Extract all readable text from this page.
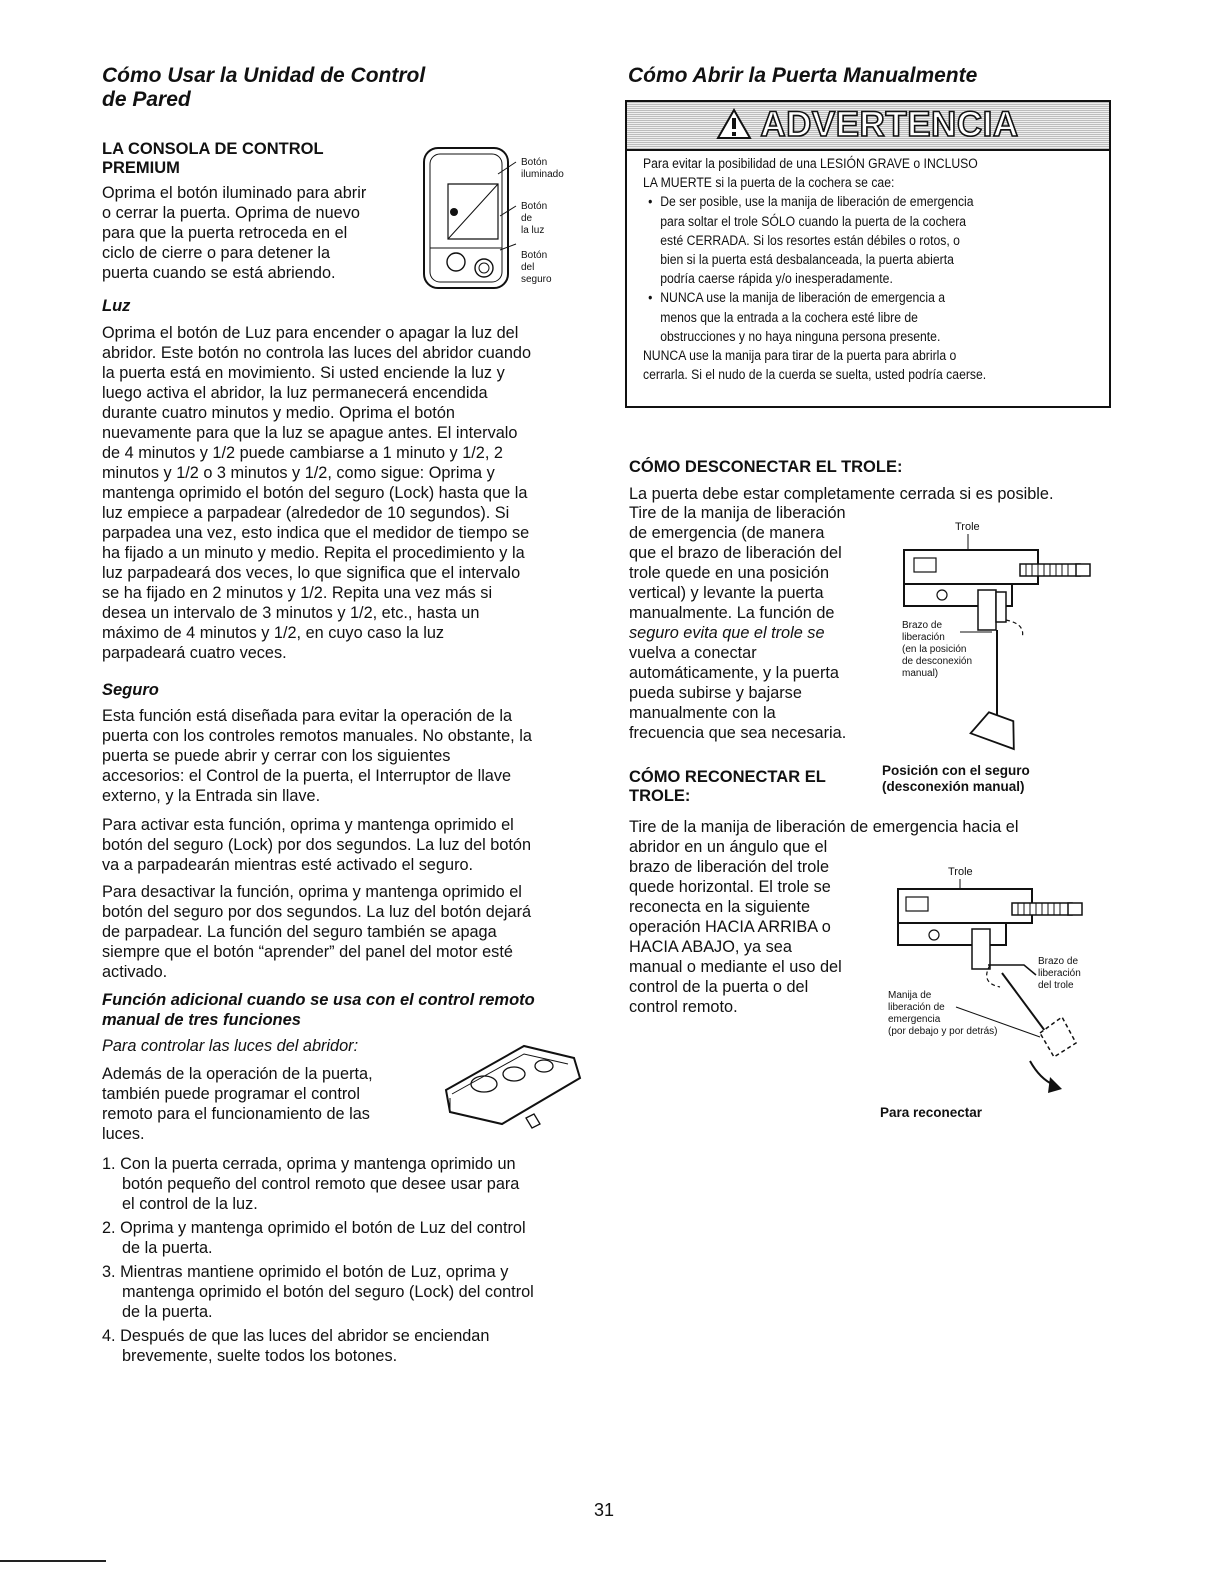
Cómo Usar la Unidad de Control
de Pared
LA CONSOLA DE CONTROL
PREMIUM
Oprima el botón iluminado para abrir
o cerrar la puerta. Oprima de nuevo
para que la puerta retroceda en el
ciclo de cierre o para detener la
puerta cuando se está abriendo.
Botón
iluminado
Botón
de
la luz
Botón
del
seguro
Luz
Oprima el botón de Luz para encender o apagar la luz del
abridor. Este botón no controla las luces del abridor cuando
la puerta está en movimiento. Si usted enciende la luz y
luego activa el abridor, la luz permanecerá encendida
durante cuatro minutos y medio. Oprima el botón
nuevamente para que la luz se apague antes. El intervalo
de 4 minutos y 1/2 puede cambiarse a 1 minuto y 1/2, 2
minutos y 1/2 o 3 minutos y 1/2, como sigue: Oprima y
mantenga oprimido el botón del seguro (Lock) hasta que la
luz empiece a parpadear (alrededor de 10 segundos). Si
parpadea una vez, esto indica que el medidor de tiempo se
ha fijado a un minuto y medio. Repita el procedimiento y la
luz parpadeará dos veces, lo que significa que el intervalo
se ha fijado en 2 minutos y 1/2. Repita una vez más si
desea un intervalo de 3 minutos y 1/2, etc., hasta un
máximo de 4 minutos y 1/2, en cuyo caso la luz
parpadeará cuatro veces.
Seguro
Esta función está diseñada para evitar la operación de la
puerta con los controles remotos manuales. No obstante, la
puerta se puede abrir y cerrar con los siguientes
accesorios: el Control de la puerta, el Interruptor de llave
externo, y la Entrada sin llave.
Para activar esta función, oprima y mantenga oprimido el
botón del seguro (Lock) por dos segundos. La luz del botón
va a parpadearán mientras esté activado el seguro.
Para desactivar la función, oprima y mantenga oprimido el
botón del seguro por dos segundos. La luz del botón dejará
de parpadear. La función del seguro también se apaga
siempre que el botón “aprender” del panel del motor esté
activado.
Función adicional cuando se usa con el control remoto
manual de tres funciones
Para controlar las luces del abridor:
Además de la operación de la puerta,
también puede programar el control
remoto para el funcionamiento de las
luces.
1. Con la puerta cerrada, oprima y mantenga oprimido un
botón pequeño del control remoto que desee usar para
el control de la luz.
2. Oprima y mantenga oprimido el botón de Luz del control
de la puerta.
3. Mientras mantiene oprimido el botón de Luz, oprima y
mantenga oprimido el botón del seguro (Lock) del control
de la puerta.
4. Después de que las luces del abridor se enciendan
brevemente, suelte todos los botones.
Cómo Abrir la Puerta Manualmente
ADVERTENCIA
Para evitar la posibilidad de una LESIÓN GRAVE o INCLUSO
LA MUERTE si la puerta de la cochera se cae:
• De ser posible, use la manija de liberación de emergencia
para soltar el trole SÓLO cuando la puerta de la cochera
esté CERRADA. Si los resortes están débiles o rotos, o
bien si la puerta está desbalanceada, la puerta abierta
podría caerse rápida y/o inesperadamente.
• NUNCA use la manija de liberación de emergencia a
menos que la entrada a la cochera esté libre de
obstrucciones y no haya ninguna persona presente.
NUNCA use la manija para tirar de la puerta para abrirla o
cerrarla. Si el nudo de la cuerda se suelta, usted podría caerse.
CÓMO DESCONECTAR EL TROLE:
La puerta debe estar completamente cerrada si es posible.
Tire de la manija de liberación
de emergencia (de manera
que el brazo de liberación del
trole quede en una posición
vertical) y levante la puerta
manualmente. La función de
seguro evita que el trole se
vuelva a conectar
automáticamente, y la puerta
pueda subirse y bajarse
manualmente con la
frecuencia que sea necesaria.
Brazo de
liberación
(en la posición
de desconexión
manual)
Trole
Posición con el seguro
(desconexión manual)
CÓMO RECONECTAR EL
TROLE:
Tire de la manija de liberación de emergencia hacia el
abridor en un ángulo que el
brazo de liberación del trole
quede horizontal. El trole se
reconecta en la siguiente
operación HACIA ARRIBA o
HACIA ABAJO, ya sea
manual o mediante el uso del
control de la puerta o del
control remoto.
Trole
Brazo de
liberación
del trole
Manija de
liberación de
emergencia
(por debajo y por detrás)
Para reconectar
31
